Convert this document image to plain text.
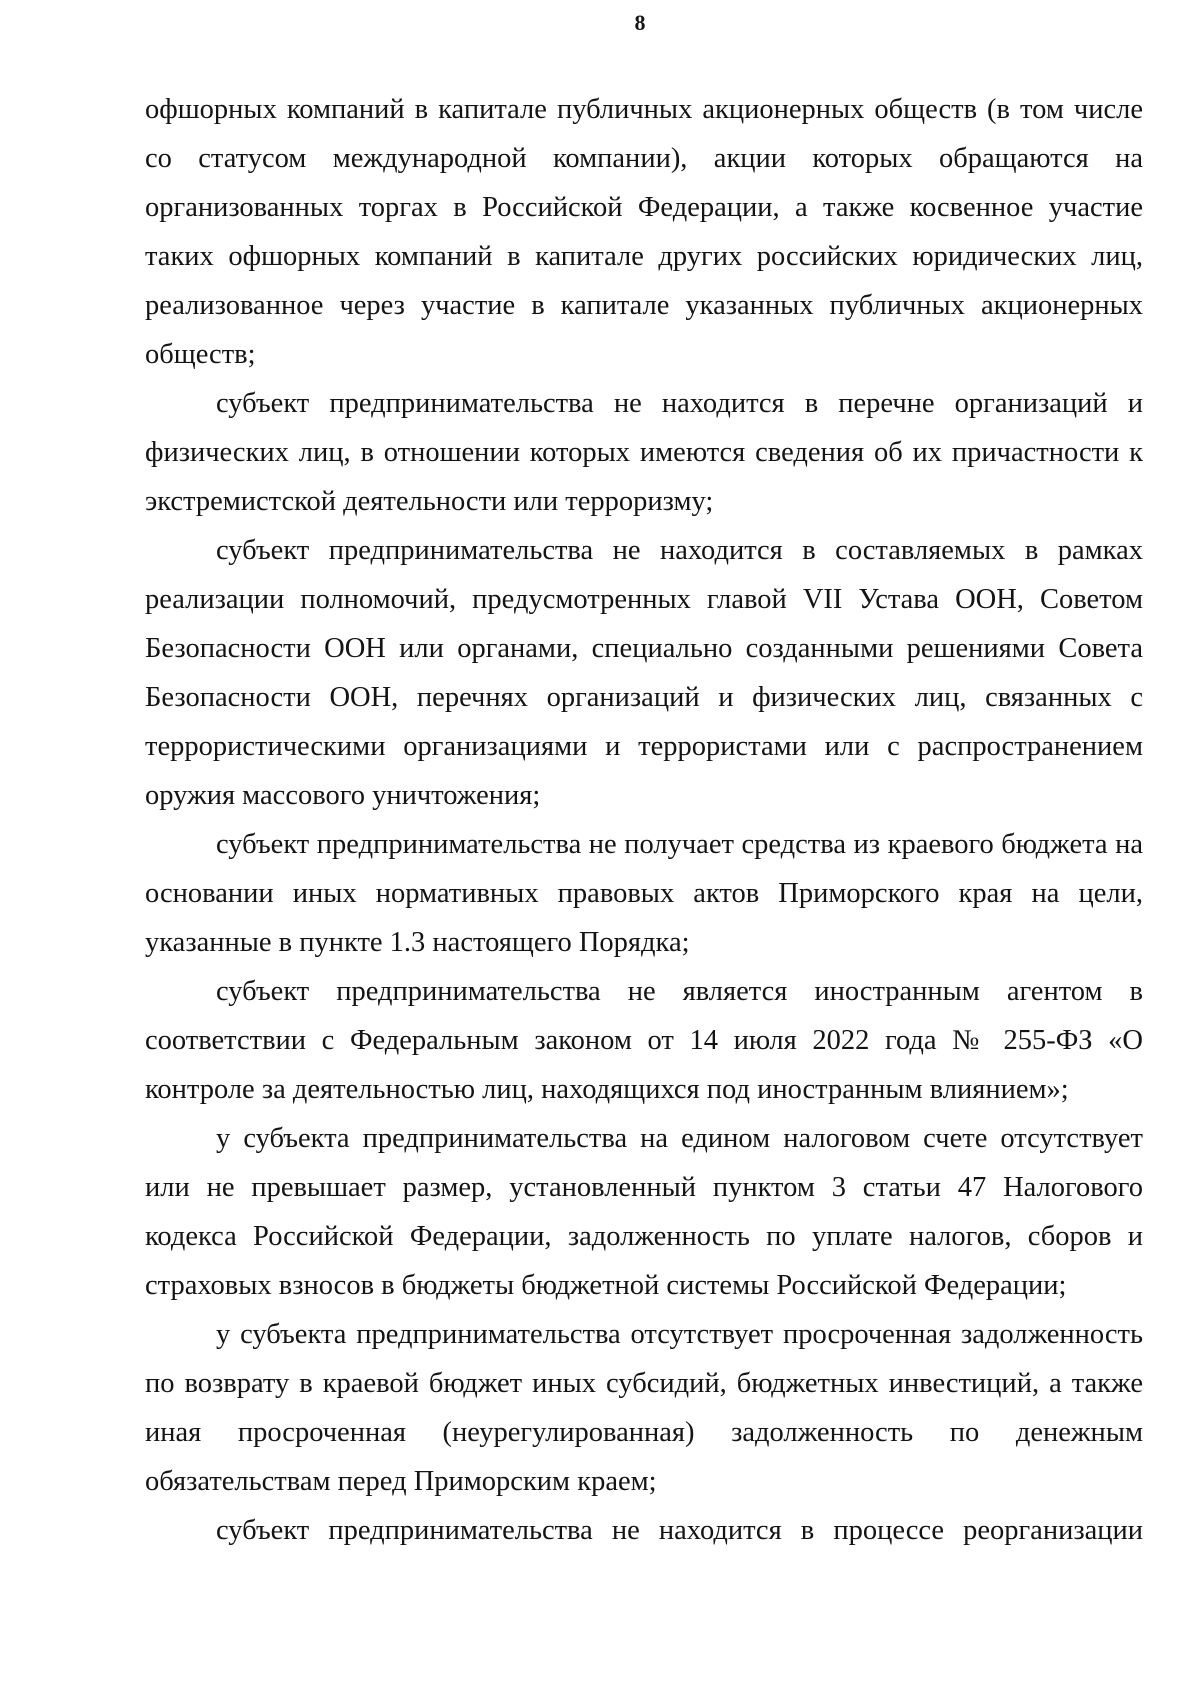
8

офшорных компаний в капитале публичных акционерных обществ (в том числе со статусом международной компании), акции которых обращаются на организованных торгах в Российской Федерации, а также косвенное участие таких офшорных компаний в капитале других российских юридических лиц, реализованное через участие в капитале указанных публичных акционерных обществ;

субъект предпринимательства не находится в перечне организаций и физических лиц, в отношении которых имеются сведения об их причастности к экстремистской деятельности или терроризму;

субъект предпринимательства не находится в составляемых в рамках реализации полномочий, предусмотренных главой VII Устава ООН, Советом Безопасности ООН или органами, специально созданными решениями Совета Безопасности ООН, перечнях организаций и физических лиц, связанных с террористическими организациями и террористами или с распространением оружия массового уничтожения;

субъект предпринимательства не получает средства из краевого бюджета на основании иных нормативных правовых актов Приморского края на цели, указанные в пункте 1.3 настоящего Порядка;

субъект предпринимательства не является иностранным агентом в соответствии с Федеральным законом от 14 июля 2022 года № 255-ФЗ «О контроле за деятельностью лиц, находящихся под иностранным влиянием»;

у субъекта предпринимательства на едином налоговом счете отсутствует или не превышает размер, установленный пунктом 3 статьи 47 Налогового кодекса Российской Федерации, задолженность по уплате налогов, сборов и страховых взносов в бюджеты бюджетной системы Российской Федерации;

у субъекта предпринимательства отсутствует просроченная задолженность по возврату в краевой бюджет иных субсидий, бюджетных инвестиций, а также иная просроченная (неурегулированная) задолженность по денежным обязательствам перед Приморским краем;

субъект предпринимательства не находится в процессе реорганизации
